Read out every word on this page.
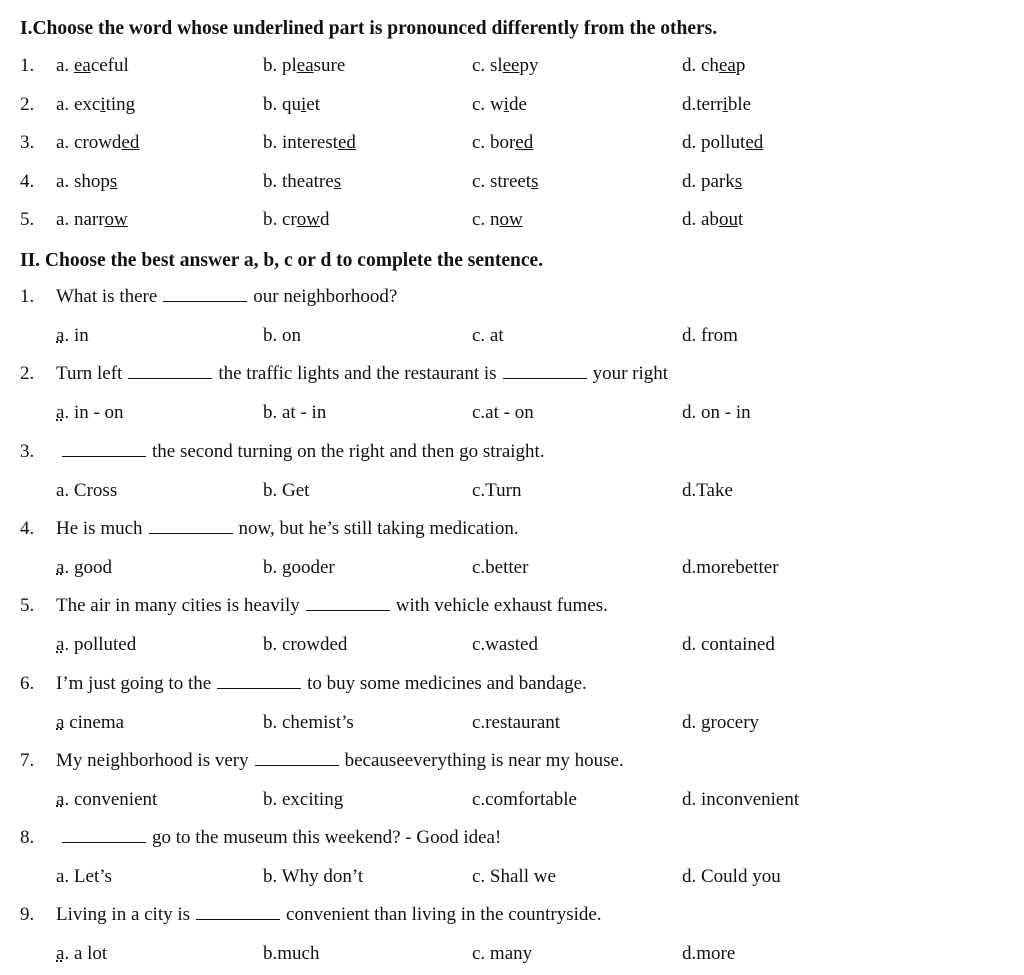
I.Choose the word whose underlined part is pronounced differently from the others.
1. a. eaceful	b. pleasure	c. sleepy	d. cheap
2. a. exciting	b. quiet	c. wide	d.terrible
3. a. crowded	b. interested	c. bored	d. polluted
4. a. shops	b. theatres	c. streets	d. parks
5. a. narrow	b. crowd	c. now	d. about
II. Choose the best answer a, b, c or d to complete the sentence.
1. What is there	our neighborhood?
a. in	b. on	c. at	d. from
2. Turn left	the traffic lights and the restaurant is	your right
a. in - on	b. at - in	c.at - on	d. on - in
3.	the second turning on the right and then go straight.
a. Cross	b. Get	c.Turn	d.Take
4. He is much	now, but he’s still taking medication.
a. good	b. gooder	c.better	d.morebetter
5. The air in many cities is heavily	with vehicle exhaust fumes.
a. polluted	b. crowded	c.wasted	d. contained
6. I’m just going to the	to buy some medicines and bandage.
a cinema	b. chemist’s	c.restaurant	d. grocery
7. My neighborhood is very	becauseeverything is near my house.
a. convenient	b. exciting	c.comfortable	d. inconvenient
8.	go to the museum this weekend? - Good idea!
a. Let’s	b. Why don’t	c. Shall we	d. Could you
9. Living in a city is	convenient than living in the countryside.
a. a lot	b.much	c. many	d.more
